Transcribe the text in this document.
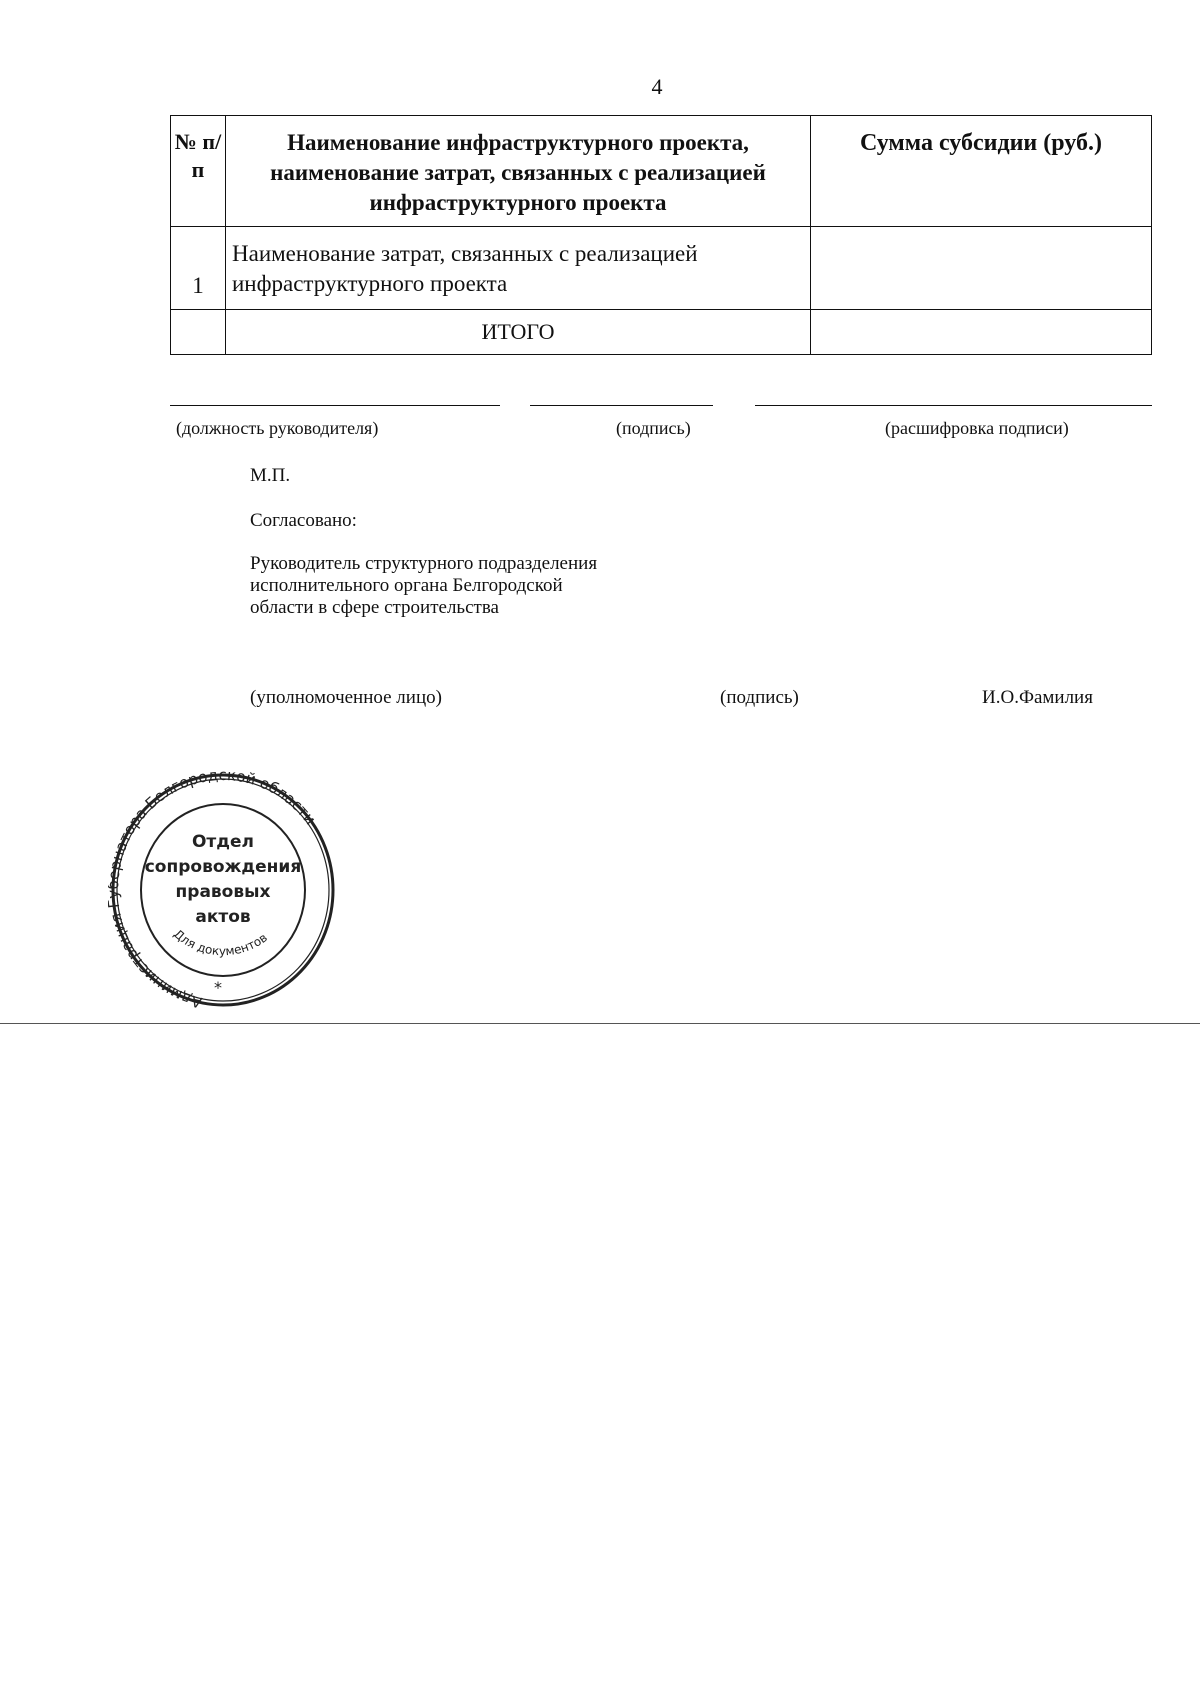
4
№ п/п	Наименование инфраструктурного проекта, наименование затрат, связанных с реализацией инфраструктурного проекта	Сумма субсидии (руб.)
1	Наименование затрат, связанных с реализацией инфраструктурного проекта	
	ИТОГО	
(должность руководителя)	(подпись)	(расшифровка подписи)
М.П.
Согласовано:
Руководитель структурного подразделения
исполнительного органа Белгородской
области в сфере строительства
(уполномоченное лицо)	(подпись)	И.О.Фамилия
Администрация натора Белгородской области
Для документов
Отдел
сопровождения
правовых
актов
*
